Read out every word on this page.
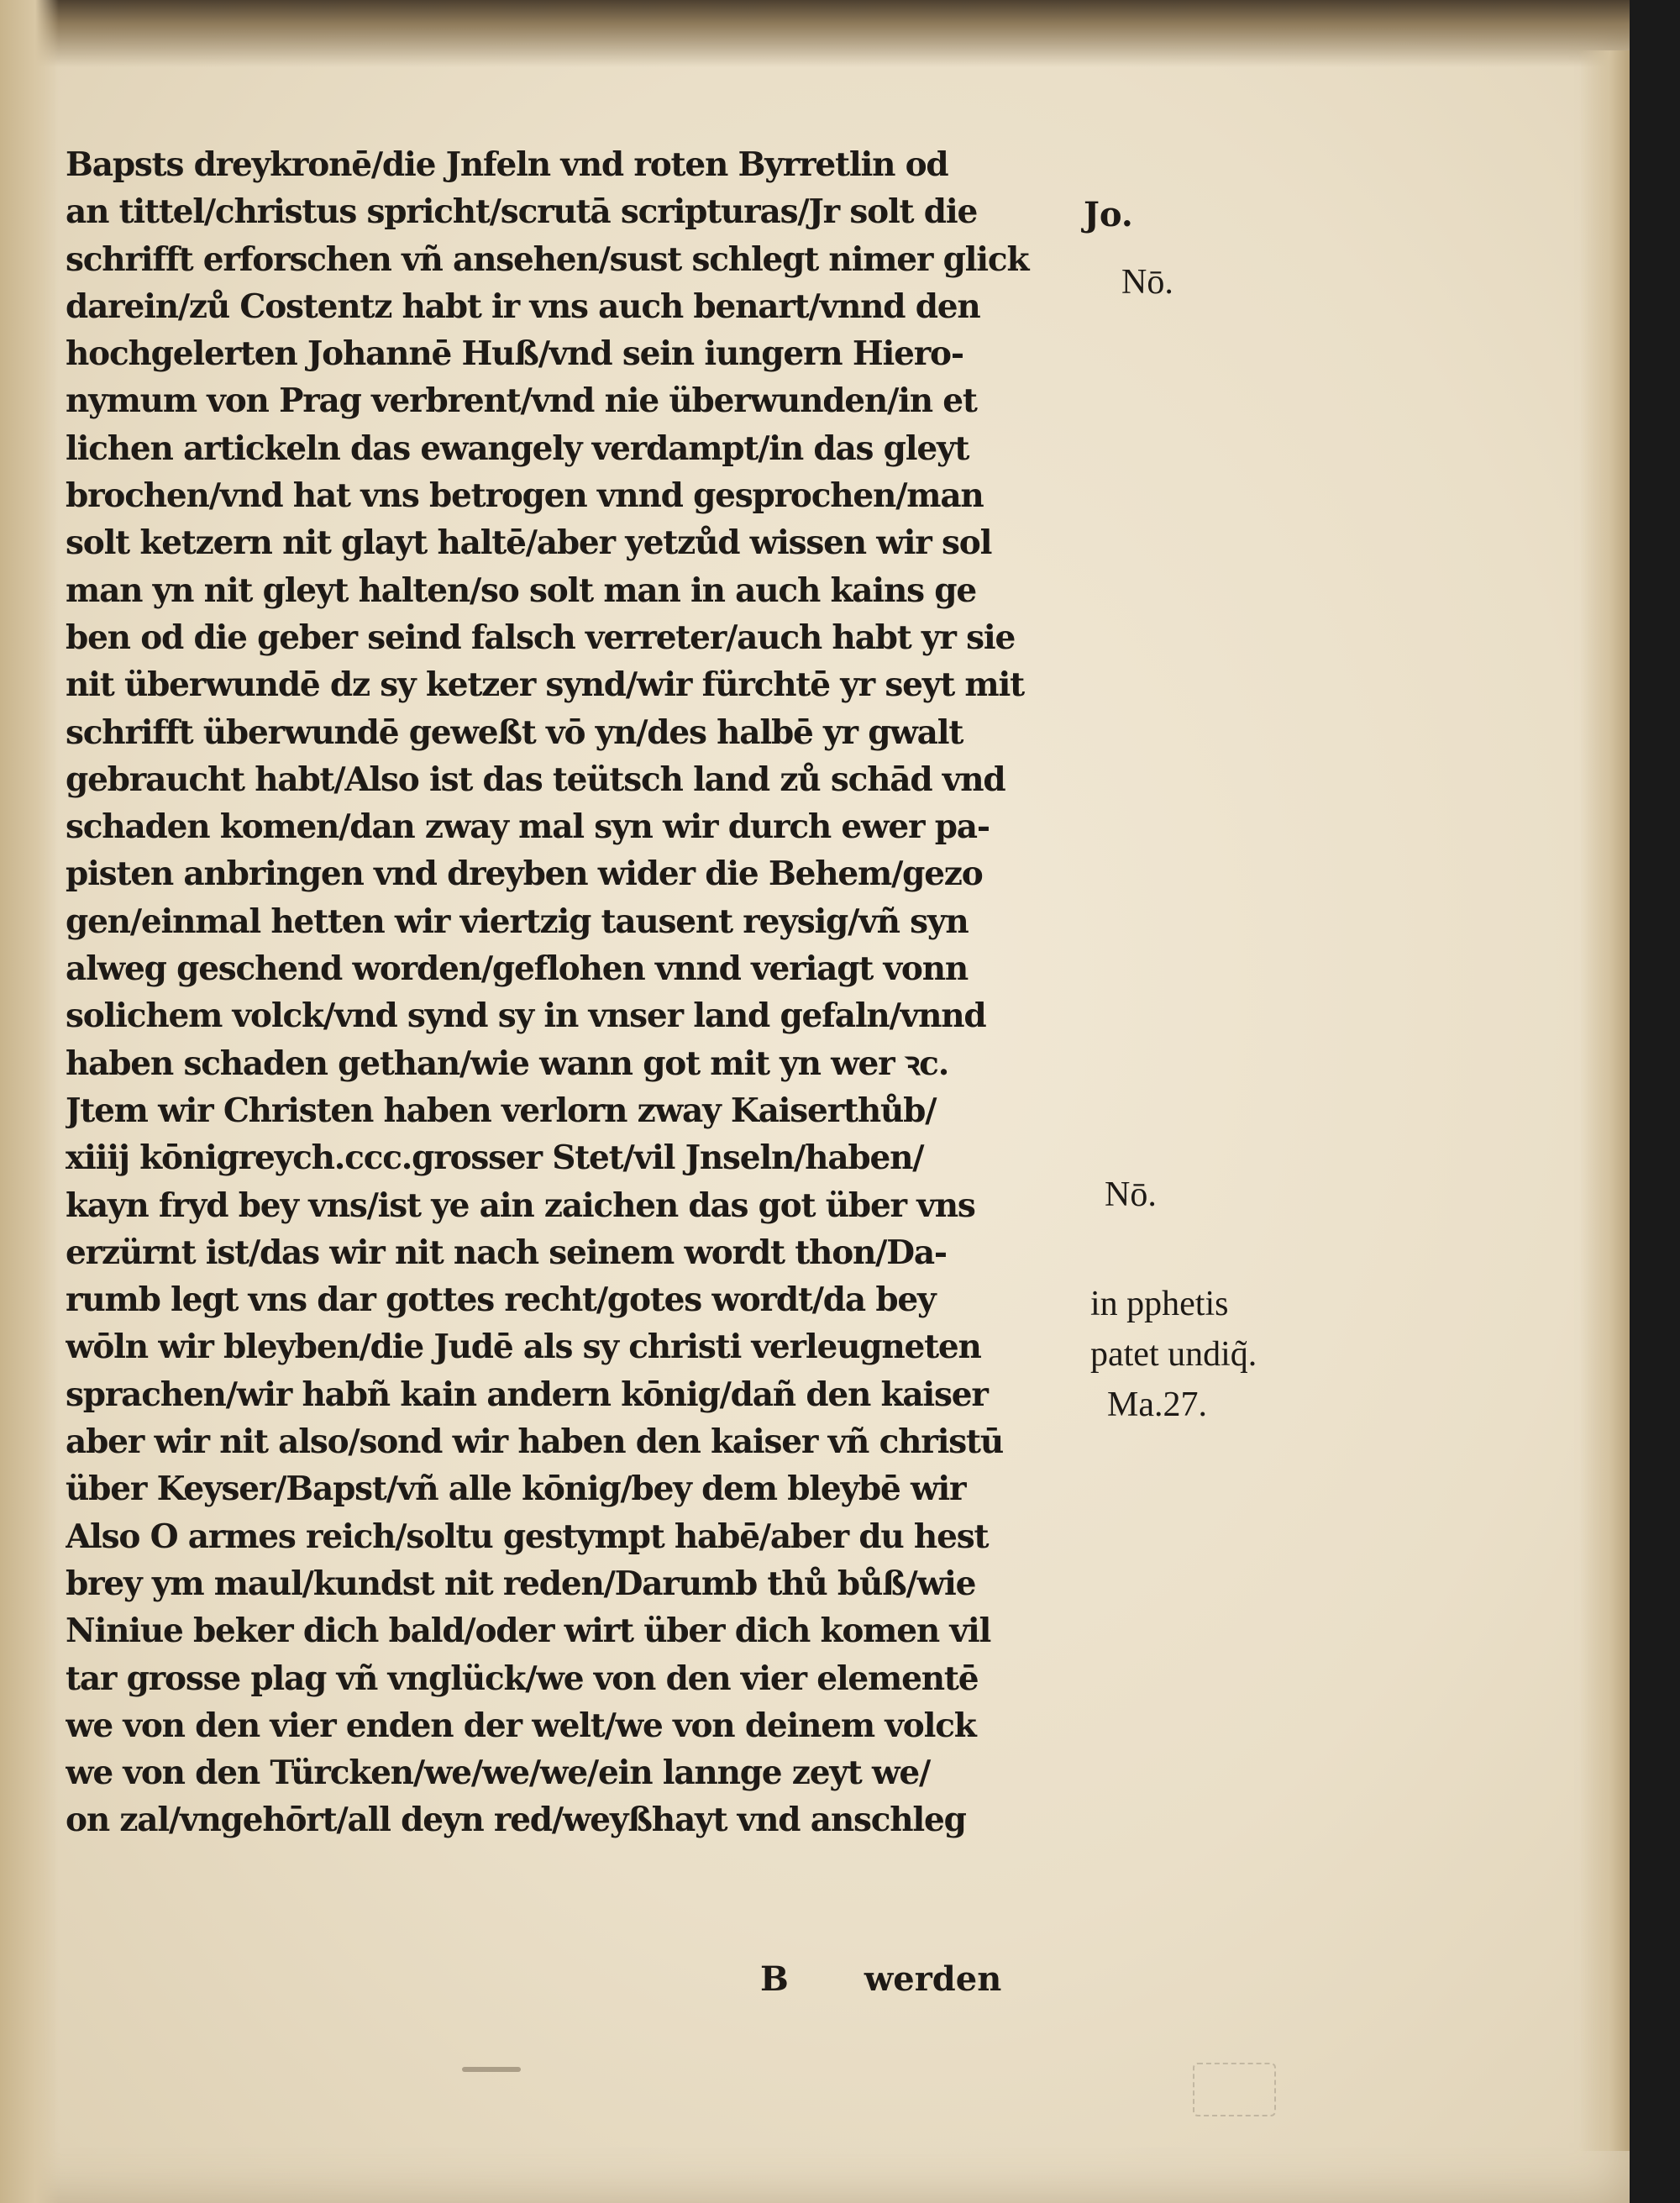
Bapsts dreykronē/die Jnfeln vnd roten Byrretlin od
an tittel/christus spricht/scrutā scripturas/Jr solt die
schrifft erforschen vñ ansehen/sust schlegt nimer glick
darein/zů Costentz habt ir vns auch benart/vnnd den
hochgelerten Johannē Huß/vnd sein iungern Hiero-
nymum von Prag verbrent/vnd nie überwunden/in et
lichen artickeln das ewangely verdampt/in das gleyt
brochen/vnd hat vns betrogen vnnd gesprochen/man
solt ketzern nit glayt haltē/aber yetzůd wissen wir sol
man yn nit gleyt halten/so solt man in auch kains ge
ben od die geber seind falsch verreter/auch habt yr sie
nit überwundē dz sy ketzer synd/wir fürchtē yr seyt mit
schrifft überwundē geweßt vō yn/des halbē yr gwalt
gebraucht habt/Also ist das teütsch land zů schād vnd
schaden komen/dan zway mal syn wir durch ewer pa-
pisten anbringen vnd dreyben wider die Behem/gezo
gen/einmal hetten wir viertzig tausent reysig/vñ syn
alweg geschend worden/geflohen vnnd veriagt vonn
solichem volck/vnd synd sy in vnser land gefaln/vnnd
haben schaden gethan/wie wann got mit yn wer ꝛc.
Jtem wir Christen haben verlorn zway Kaiserthůb/
xiiij kōnigreych.ccc.grosser Stet/vil Jnseln/haben/
kayn fryd bey vns/ist ye ain zaichen das got über vns
erzürnt ist/das wir nit nach seinem wordt thon/Da-
rumb legt vns dar gottes recht/gotes wordt/da bey
wōln wir bleyben/die Judē als sy christi verleugneten
sprachen/wir habñ kain andern kōnig/dañ den kaiser
aber wir nit also/sond wir haben den kaiser vñ christū
über Keyser/Bapst/vñ alle kōnig/bey dem bleybē wir
Also O armes reich/soltu gestympt habē/aber du hest
brey ym maul/kundst nit reden/Darumb thů bůß/wie
Niniue beker dich bald/oder wirt über dich komen vil
tar grosse plag vñ vnglück/we von den vier elementē
we von den vier enden der welt/we von deinem volck
we von den Türcken/we/we/we/ein lannge zeyt we/
on zal/vngehōrt/all deyn red/weyßhayt vnd anschleg
Jo.
Nō.
Nō.
in pphetis
patet undiq̃.
Ma.27.
B werden
